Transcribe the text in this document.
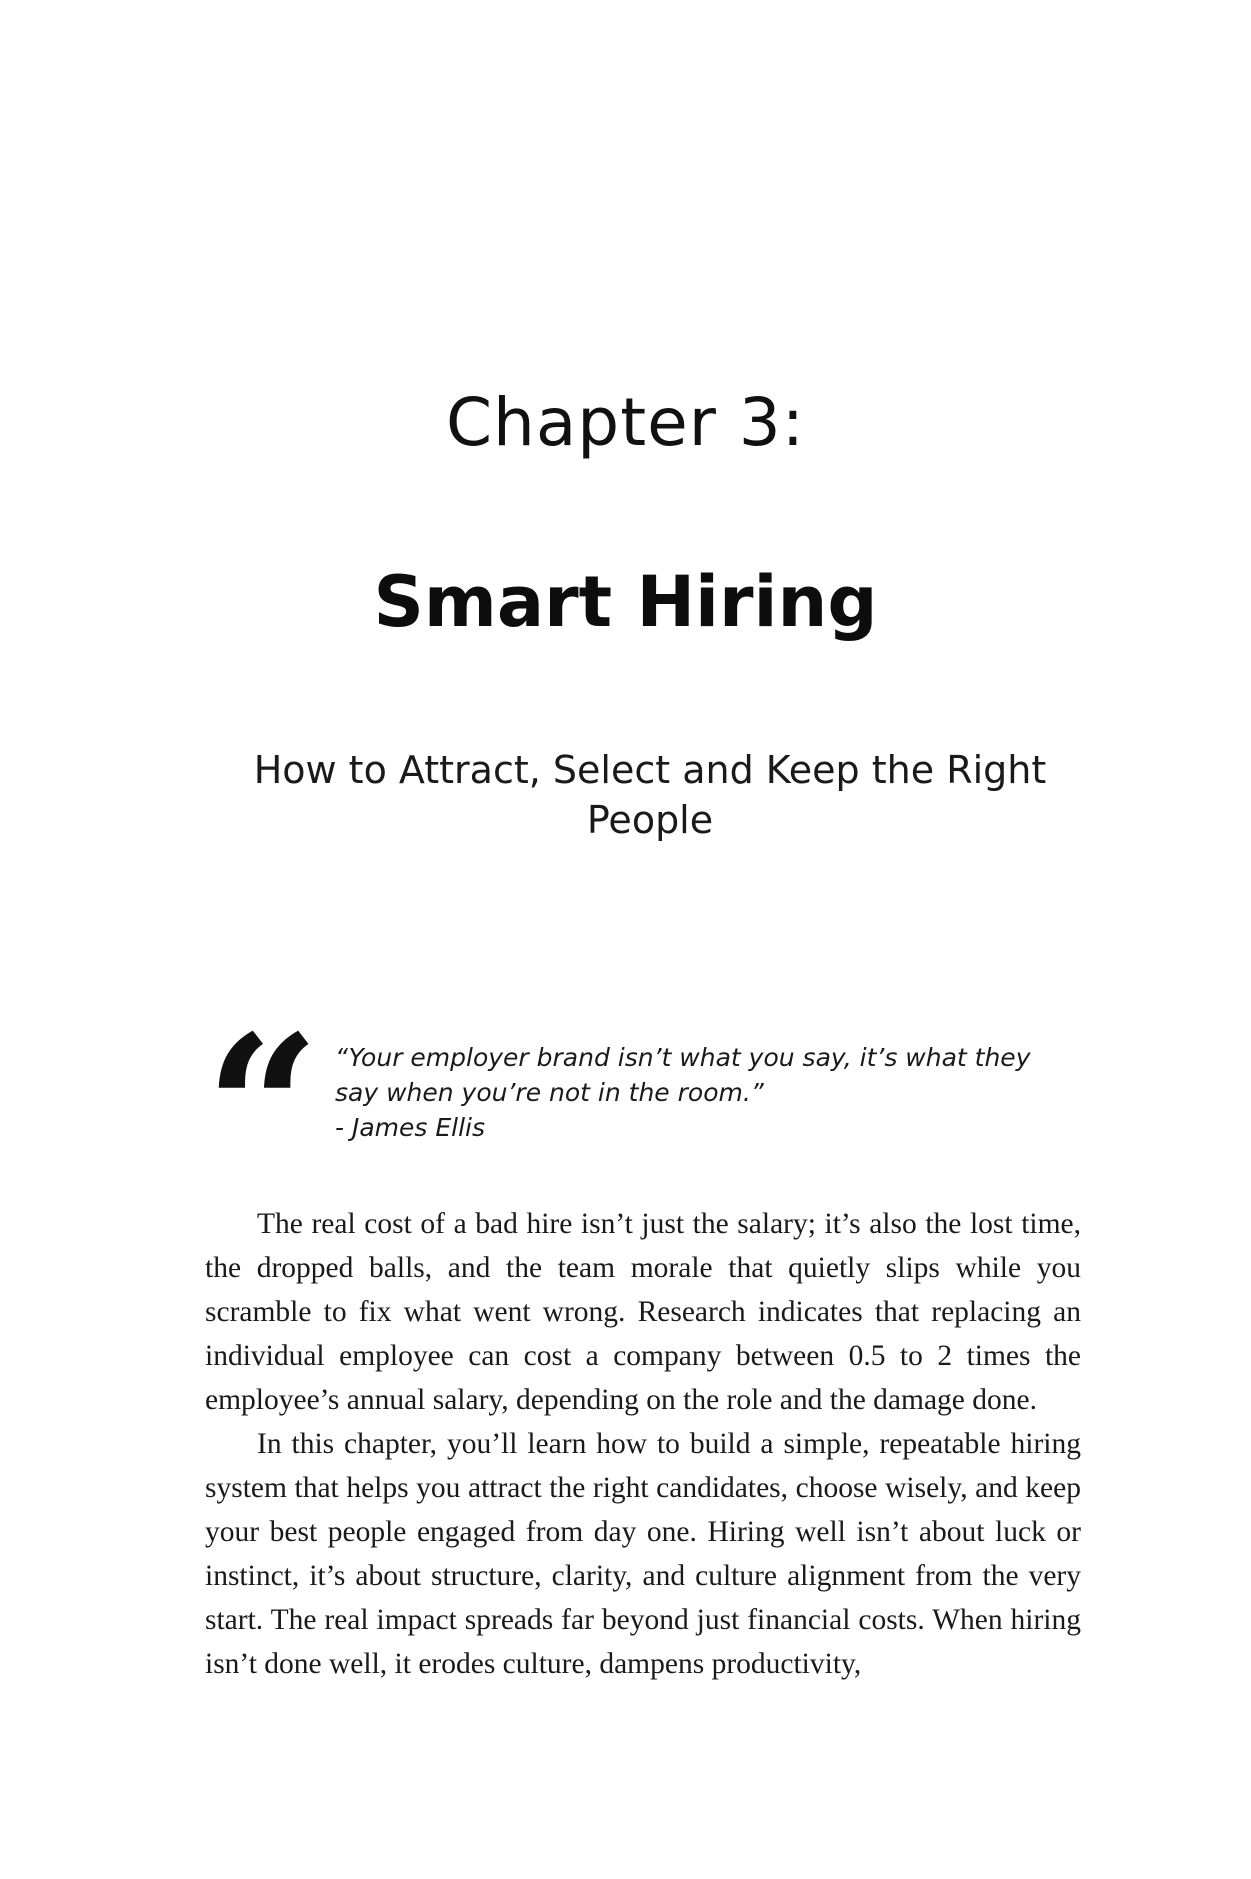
Chapter 3:
Smart Hiring
How to Attract, Select and Keep the Right People
“ “Your employer brand isn’t what you say, it’s what they say when you’re not in the room.”

- James Ellis

The real cost of a bad hire isn’t just the salary; it’s also the lost time, the dropped balls, and the team morale that quietly slips while you scramble to fix what went wrong. Research indicates that replacing an individual employee can cost a company between 0.5 to 2 times the employee’s annual salary, depending on the role and the damage done.

In this chapter, you’ll learn how to build a simple, repeatable hiring system that helps you attract the right candidates, choose wisely, and keep your best people engaged from day one. Hiring well isn’t about luck or instinct, it’s about structure, clarity, and culture alignment from the very start. The real impact spreads far beyond just financial costs. When hiring isn’t done well, it erodes culture, dampens productivity,
